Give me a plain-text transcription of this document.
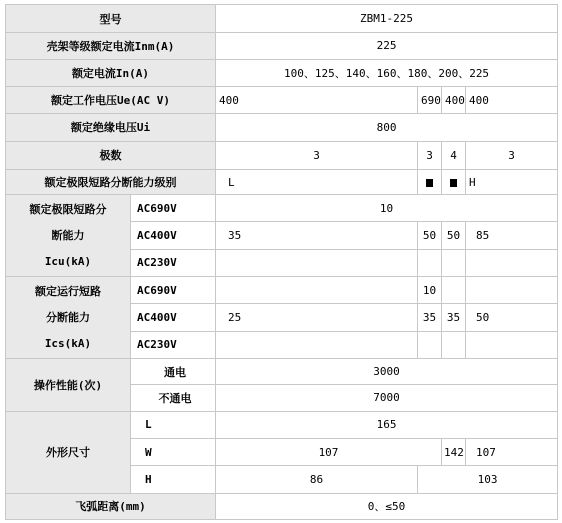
型号		ZBM1-225			
壳架等级额定电流Inm(A)		225			
额定电流In(A)		100、125、140、160、180、200、225			
额定工作电压Ue(AC V)		400	690	400	400
额定绝缘电压Ui		800			
极数		3	3	4	3
额定极限短路分断能力级别		L			H

额定极限短路分
断能力
Icu(kA)	AC690V	10			
	AC400V	35	50	50	85
	AC230V				

额定运行短路
分断能力
Ics(kA)	AC690V		10		
	AC400V	25	35	35	50
	AC230V				
操作性能(次)	通电	3000			
	不通电	7000			
外形尺寸	L	165			
	W	107		142	107
	H	86	103		
飞弧距离(mm)		0、≤50			
